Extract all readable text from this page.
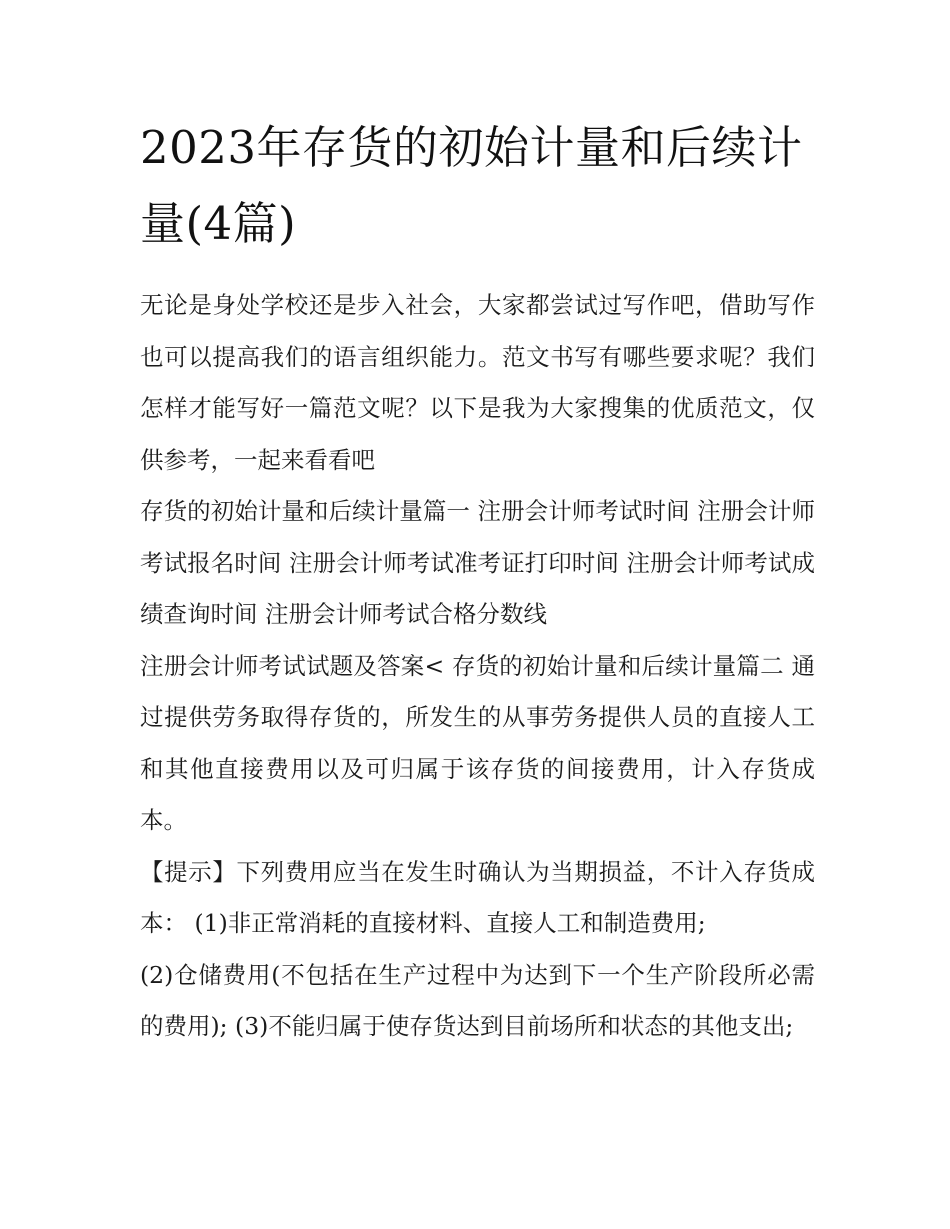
2023年存货的初始计量和后续计量(4篇)

无论是身处学校还是步入社会，大家都尝试过写作吧，借助写作也可以提高我们的语言组织能力。范文书写有哪些要求呢？我们怎样才能写好一篇范文呢？以下是我为大家搜集的优质范文，仅供参考，一起来看看吧

存货的初始计量和后续计量篇一 注册会计师考试时间 注册会计师考试报名时间 注册会计师考试准考证打印时间 注册会计师考试成绩查询时间 注册会计师考试合格分数线

注册会计师考试试题及答案< 存货的初始计量和后续计量篇二 通过提供劳务取得存货的，所发生的从事劳务提供人员的直接人工和其他直接费用以及可归属于该存货的间接费用，计入存货成本。

【提示】下列费用应当在发生时确认为当期损益，不计入存货成本： (1)非正常消耗的直接材料、直接人工和制造费用;

(2)仓储费用(不包括在生产过程中为达到下一个生产阶段所必需的费用); (3)不能归属于使存货达到目前场所和状态的其他支出;
